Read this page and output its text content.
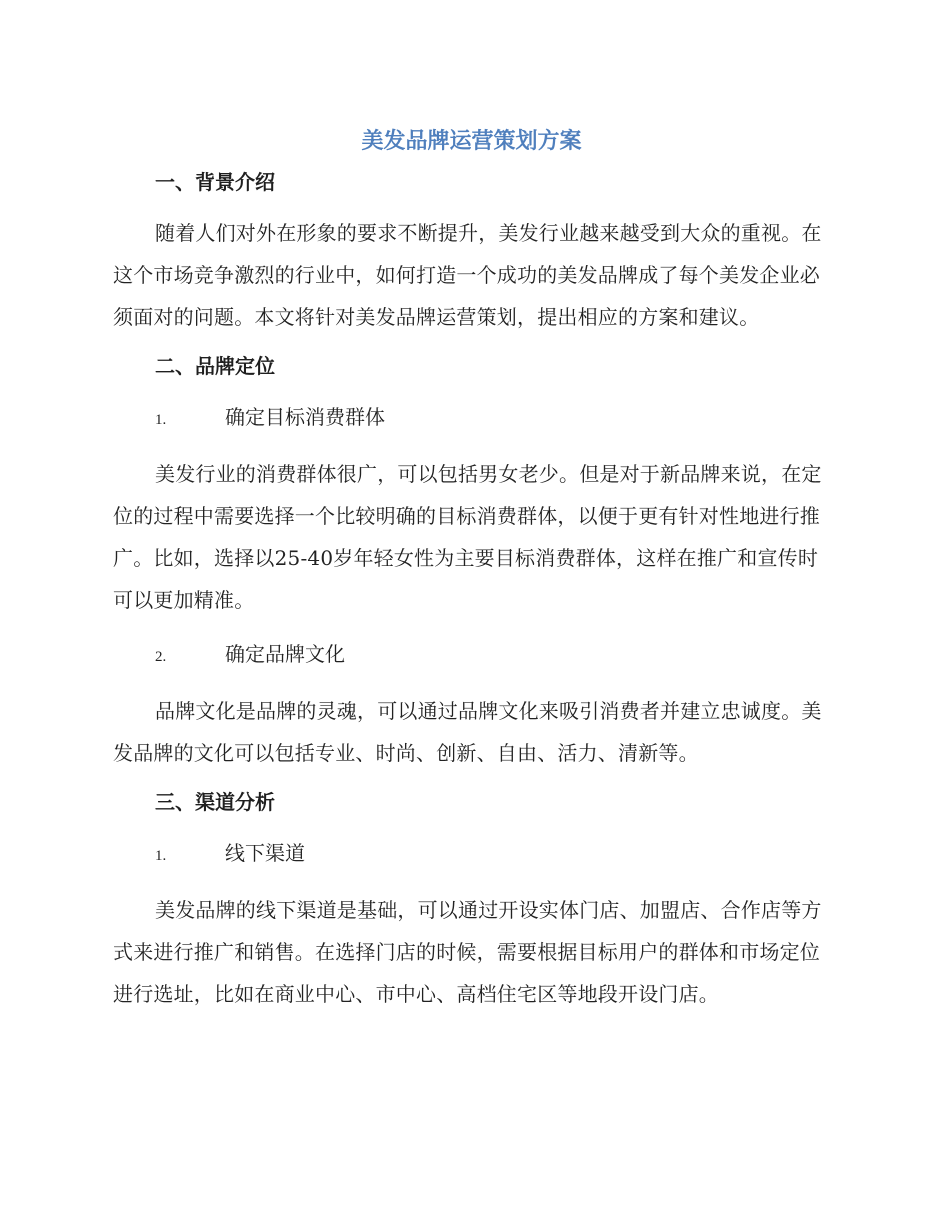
美发品牌运营策划方案
一、背景介绍

随着人们对外在形象的要求不断提升，美发行业越来越受到大众的重视。在这个市场竞争激烈的行业中，如何打造一个成功的美发品牌成了每个美发企业必须面对的问题。本文将针对美发品牌运营策划，提出相应的方案和建议。

二、品牌定位
1.	确定目标消费群体

美发行业的消费群体很广，可以包括男女老少。但是对于新品牌来说，在定位的过程中需要选择一个比较明确的目标消费群体，以便于更有针对性地进行推广。比如，选择以25-40岁年轻女性为主要目标消费群体，这样在推广和宣传时可以更加精准。

2.	确定品牌文化

品牌文化是品牌的灵魂，可以通过品牌文化来吸引消费者并建立忠诚度。美发品牌的文化可以包括专业、时尚、创新、自由、活力、清新等。

三、渠道分析
1.	线下渠道

美发品牌的线下渠道是基础，可以通过开设实体门店、加盟店、合作店等方式来进行推广和销售。在选择门店的时候，需要根据目标用户的群体和市场定位进行选址，比如在商业中心、市中心、高档住宅区等地段开设门店。
